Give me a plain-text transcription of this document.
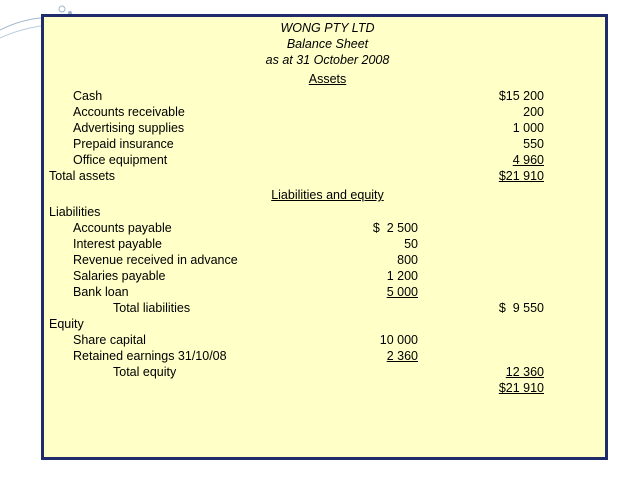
WONG PTY LTD
Balance Sheet
as at 31 October 2008
Assets
Cash	$15 200
Accounts receivable	200
Advertising supplies	1 000
Prepaid insurance	550
Office equipment	4 960
Total assets	$21 910
Liabilities and equity
Liabilities
Accounts payable	$  2 500
Interest payable	50
Revenue received in advance	800
Salaries payable	1 200
Bank loan	5 000
Total liabilities	$  9 550
Equity
Share capital	10 000
Retained earnings 31/10/08	2 360
Total equity	12 360
$21 910
